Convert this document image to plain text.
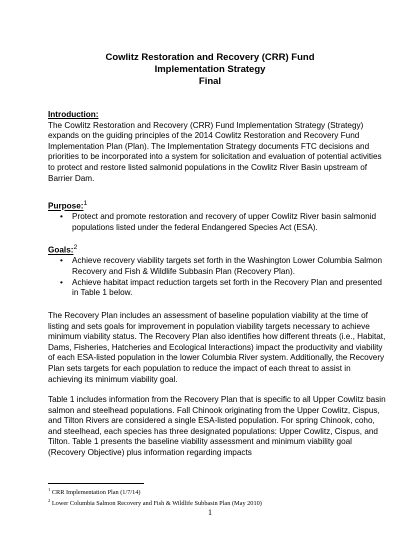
Cowlitz Restoration and Recovery (CRR) Fund
Implementation Strategy
Final
Introduction:

The Cowlitz Restoration and Recovery (CRR) Fund Implementation Strategy (Strategy) expands on the guiding principles of the 2014 Cowlitz Restoration and Recovery Fund Implementation Plan (Plan). The Implementation Strategy documents FTC decisions and priorities to be incorporated into a system for solicitation and evaluation of potential activities to protect and restore listed salmonid populations in the Cowlitz River Basin upstream of Barrier Dam.

Purpose:$^1$
• Protect and promote restoration and recovery of upper Cowlitz River basin salmonid populations listed under the federal Endangered Species Act (ESA).
Goals:$^2$
• Achieve recovery viability targets set forth in the Washington Lower Columbia Salmon Recovery and Fish & Wildlife Subbasin Plan (Recovery Plan).
• Achieve habitat impact reduction targets set forth in the Recovery Plan and presented in Table 1 below.

The Recovery Plan includes an assessment of baseline population viability at the time of listing and sets goals for improvement in population viability targets necessary to achieve minimum viability status. The Recovery Plan also identifies how different threats (i.e., Habitat, Dams, Fisheries, Hatcheries and Ecological Interactions) impact the productivity and viability of each ESA-listed population in the lower Columbia River system. Additionally, the Recovery Plan sets targets for each population to reduce the impact of each threat to assist in achieving its minimum viability goal.

Table 1 includes information from the Recovery Plan that is specific to all Upper Cowlitz basin salmon and steelhead populations. Fall Chinook originating from the Upper Cowlitz, Cispus, and Tilton Rivers are considered a single ESA-listed population. For spring Chinook, coho, and steelhead, each species has three designated populations: Upper Cowlitz, Cispus, and Tilton. Table 1 presents the baseline viability assessment and minimum viability goal (Recovery Objective) plus information regarding impacts

$^1$ CRR Implementation Plan (1/7/14)
$^2$ Lower Columbia Salmon Recovery and Fish & Wildlife Subbasin Plan (May 2010)
1
